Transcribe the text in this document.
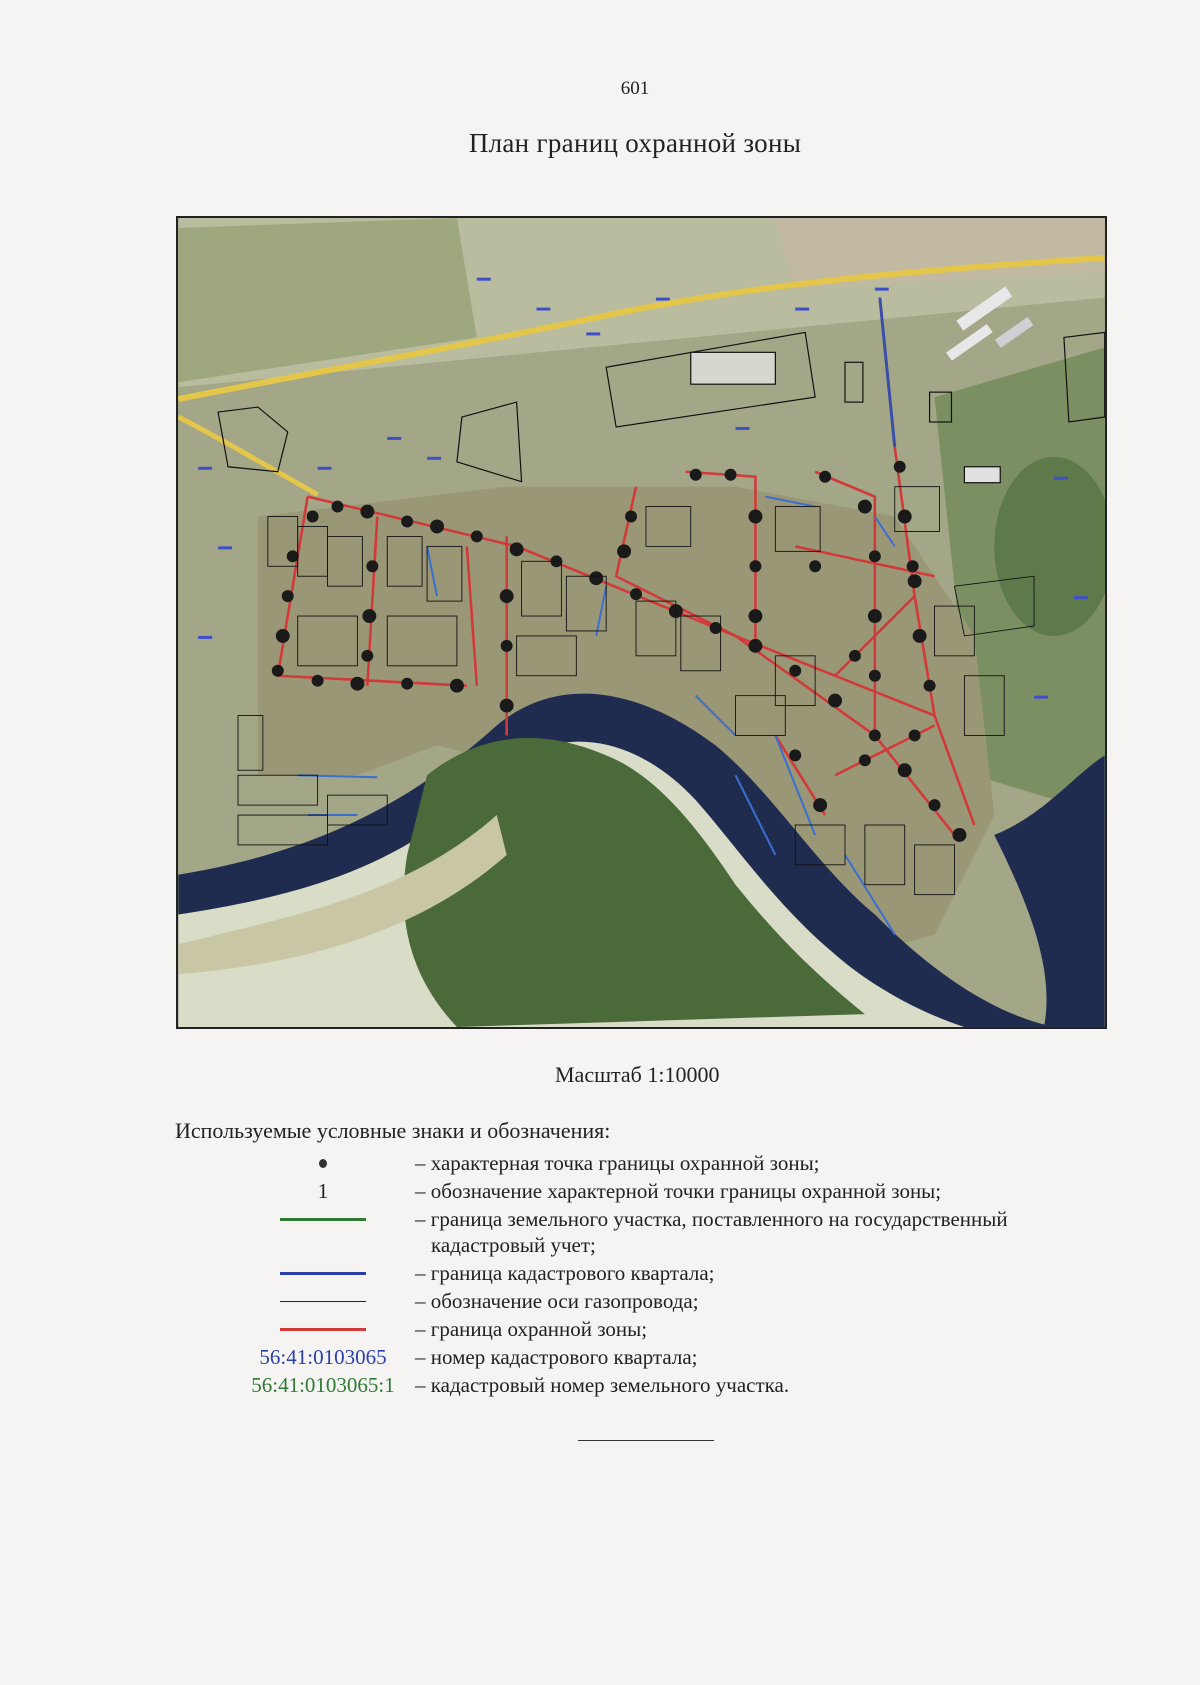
601
План границ охранной зоны
Масштаб 1:10000
Используемые условные знаки и обозначения:
– характерная точка границы охранной зоны;
1	– обозначение характерной точки границы охранной зоны;
– граница земельного участка, поставленного на государственный
кадастровый учет;
– граница кадастрового квартала;
– обозначение оси газопровода;
– граница охранной зоны;
56:41:0103065	– номер кадастрового квартала;
56:41:0103065:1 – кадастровый номер земельного участка.
